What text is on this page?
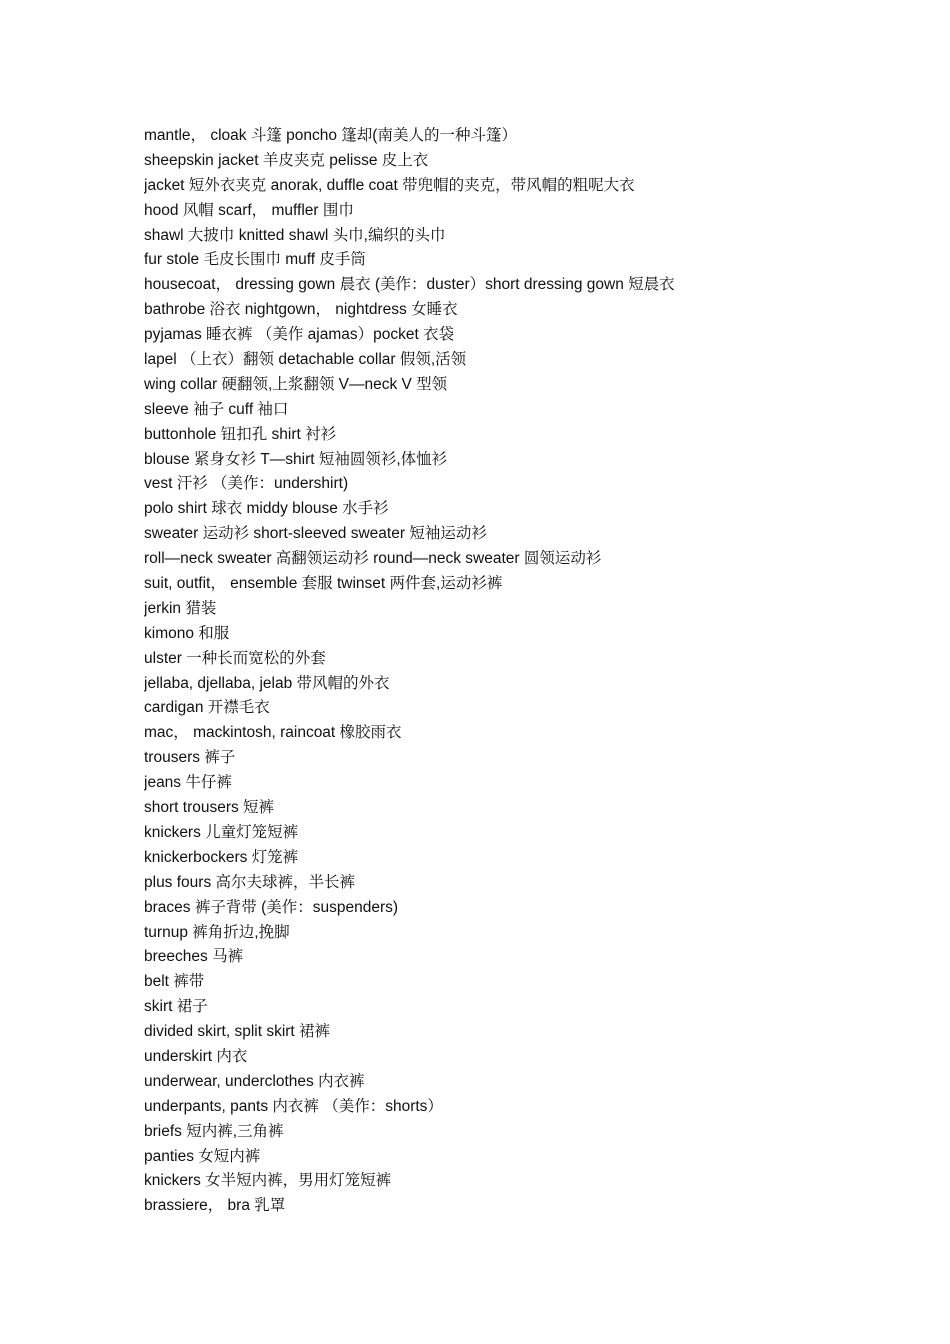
mantle， cloak 斗篷 poncho 篷却(南美人的一种斗篷）
sheepskin jacket 羊皮夹克 pelisse 皮上衣
jacket 短外衣夹克 anorak, duffle coat 带兜帽的夹克，带风帽的粗呢大衣
hood 风帽 scarf， muffler 围巾
shawl 大披巾 knitted shawl 头巾,编织的头巾
fur stole 毛皮长围巾 muff 皮手筒
housecoat， dressing gown 晨衣 (美作：duster）short dressing gown 短晨衣
bathrobe 浴衣 nightgown， nightdress 女睡衣
pyjamas 睡衣裤 （美作 ajamas）pocket 衣袋
lapel （上衣）翻领 detachable collar 假领,活领
wing collar 硬翻领,上浆翻领 V—neck V 型领
sleeve 袖子 cuff 袖口
buttonhole 钮扣孔 shirt 衬衫
blouse 紧身女衫 T—shirt 短袖圆领衫,体恤衫
vest 汗衫 （美作：undershirt)
polo shirt 球衣 middy blouse 水手衫
sweater 运动衫 short-sleeved sweater 短袖运动衫
roll—neck sweater 高翻领运动衫 round—neck sweater 圆领运动衫
suit, outfit， ensemble 套服 twinset 两件套,运动衫裤
jerkin 猎装
kimono 和服
ulster 一种长而宽松的外套
jellaba, djellaba, jelab 带风帽的外衣
cardigan 开襟毛衣
mac， mackintosh, raincoat 橡胶雨衣
trousers 裤子
jeans 牛仔裤
short trousers 短裤
knickers 儿童灯笼短裤
knickerbockers 灯笼裤
plus fours 高尔夫球裤，半长裤
braces 裤子背带 (美作：suspenders)
turnup 裤角折边,挽脚
breeches 马裤
belt 裤带
skirt 裙子
divided skirt, split skirt 裙裤
underskirt 内衣
underwear, underclothes 内衣裤
underpants, pants 内衣裤 （美作：shorts）
briefs 短内裤,三角裤
panties 女短内裤
knickers 女半短内裤，男用灯笼短裤
brassiere， bra 乳罩
